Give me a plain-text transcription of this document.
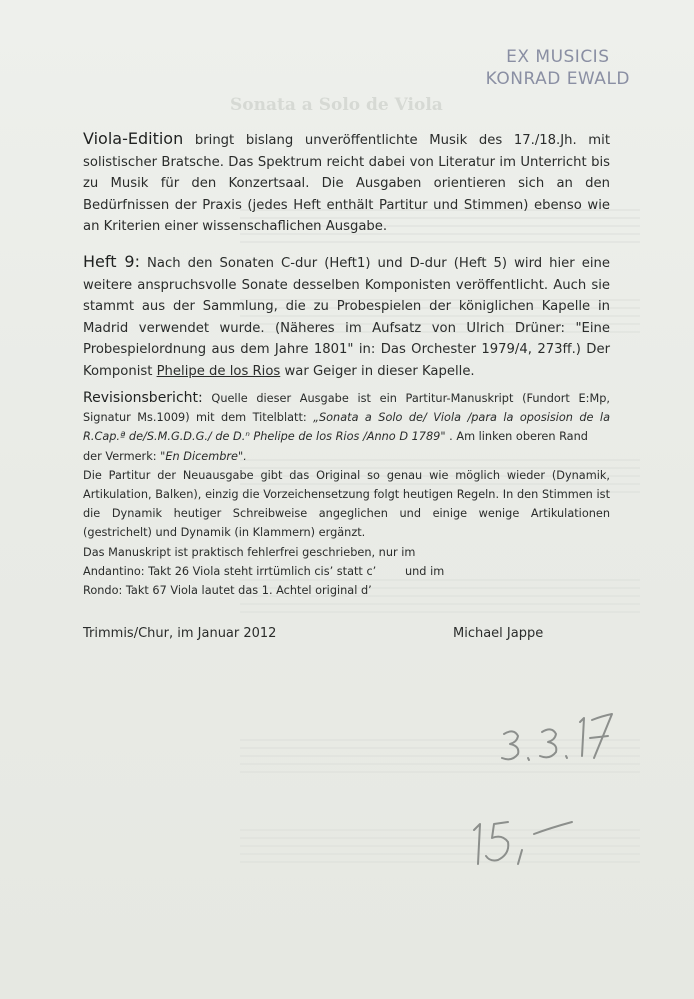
Sonata a Solo de Viola
EX MUSICIS
KONRAD EWALD
Viola-Edition bringt bislang unveröffentlichte Musik des 17./18.Jh. mit solistischer Bratsche. Das Spektrum reicht dabei von Literatur im Unterricht bis zu Musik für den Konzertsaal. Die Ausgaben orientieren sich an den Bedürfnissen der Praxis (jedes Heft enthält Partitur und Stimmen) ebenso wie an Kriterien einer wissenschaflichen Ausgabe.
Heft 9: Nach den Sonaten C-dur (Heft1) und D-dur (Heft 5) wird hier eine weitere anspruchsvolle Sonate desselben Komponisten veröffentlicht. Auch sie stammt aus der Sammlung, die zu Probespielen der königlichen Kapelle in Madrid verwendet wurde. (Näheres im Aufsatz von Ulrich Drüner: "Eine Probespielordnung aus dem Jahre 1801" in: Das Orchester 1979/4, 273ff.) Der Komponist Phelipe de los Rios war Geiger in dieser Kapelle.
Revisionsbericht: Quelle dieser Ausgabe ist ein Partitur-Manuskript (Fundort E:Mp,
Signatur Ms.1009) mit dem Titelblatt: „Sonata a Solo de/ Viola /para la oposision de la
R.Cap.ª de/S.M.G.D.G./ de D.ⁿ Phelipe de los Rios /Anno D 1789" . Am linken oberen Rand
der Vermerk: "En Dicembre".
Die Partitur der Neuausgabe gibt das Original so genau wie möglich wieder (Dynamik,
Artikulation, Balken), einzig die Vorzeichensetzung folgt heutigen Regeln. In den Stimmen ist
die Dynamik heutiger Schreibweise angeglichen und einige wenige Artikulationen
(gestrichelt) und Dynamik (in Klammern) ergänzt.
Das Manuskript ist praktisch fehlerfrei geschrieben, nur im
Andantino: Takt 26 Viola steht irrtümlich cis’ statt c’        und im
Rondo: Takt 67 Viola lautet das 1. Achtel original d’
Trimmis/Chur, im Januar 2012	Michael Jappe
